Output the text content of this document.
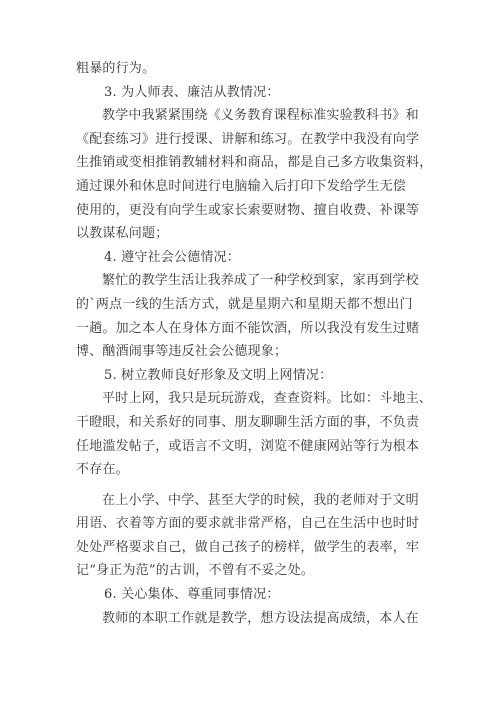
粗暴的行为。
3. 为人师表、廉洁从教情况：
教学中我紧紧围绕《义务教育课程标准实验教科书》和
《配套练习》进行授课、讲解和练习。在教学中我没有向学
生推销或变相推销教辅材料和商品，都是自己多方收集资料，
通过课外和休息时间进行电脑输入后打印下发给学生无偿
使用的，更没有向学生或家长索要财物、擅自收费、补课等
以教谋私问题；
4. 遵守社会公德情况：
繁忙的教学生活让我养成了一种学校到家，家再到学校
的`两点一线的生活方式，就是星期六和星期天都不想出门
一趟。加之本人在身体方面不能饮酒，所以我没有发生过赌
博、酗酒闹事等违反社会公德现象；
5. 树立教师良好形象及文明上网情况：
平时上网，我只是玩玩游戏，查查资料。比如：斗地主、
干瞪眼，和关系好的同事、朋友聊聊生活方面的事，不负责
任地滥发帖子，或语言不文明，浏览不健康网站等行为根本
不存在。
在上小学、中学、甚至大学的时候，我的老师对于文明
用语、衣着等方面的要求就非常严格，自己在生活中也时时
处处严格要求自己，做自己孩子的榜样，做学生的表率，牢
记“身正为范”的古训，不曾有不妥之处。
6. 关心集体、尊重同事情况：
教师的本职工作就是教学，想方设法提高成绩，本人在
